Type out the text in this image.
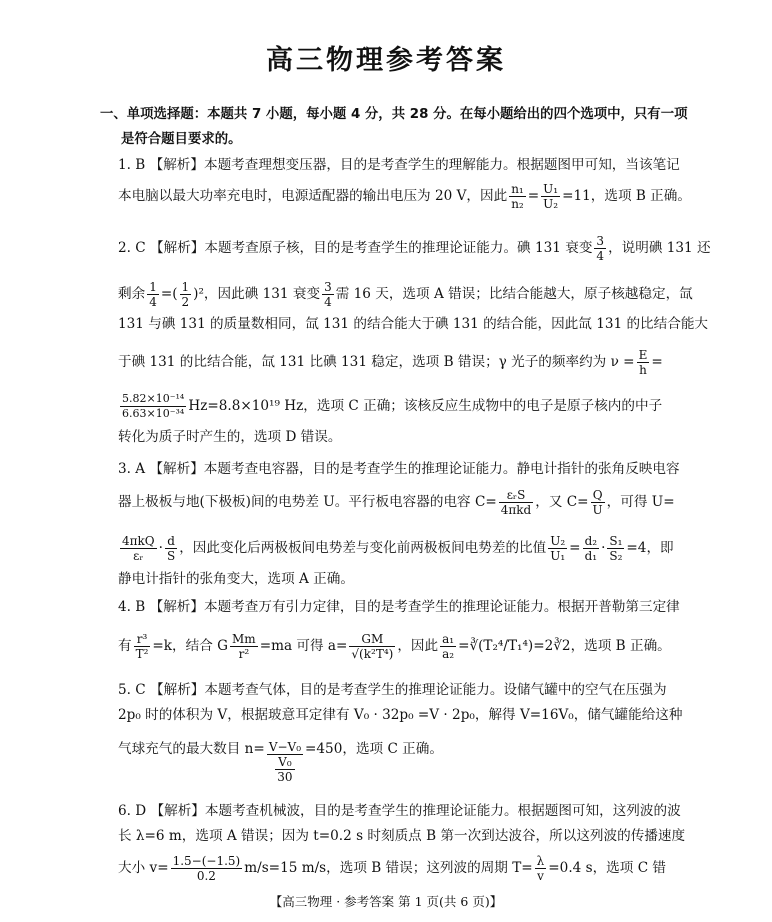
高三物理参考答案
一、单项选择题：本题共 7 小题，每小题 4 分，共 28 分。在每小题给出的四个选项中，只有一项
是符合题目要求的。
1. B 【解析】本题考查理想变压器，目的是考查学生的理解能力。根据题图甲可知，当该笔记
本电脑以最大功率充电时，电源适配器的输出电压为 20 V，因此 $\frac{\text{n₁}}{\text{n₂}} = \frac{\text{U₁}}{\text{U₂}} =11$，选项 B 正确。
2. C 【解析】本题考查原子核，目的是考查学生的推理论证能力。碘 131 衰变 $\frac{3}{4}$ ，说明碘 131 还
剩余 $\frac{1}{4}$ =( $\frac{1}{2} )^2$，因此碘 131 衰变 $\frac{3}{4}$ 需 16 天，选项 A 错误；比结合能越大，原子核越稳定，氙
131 与碘 131 的质量数相同，氙 131 的结合能大于碘 131 的结合能，因此氙 131 的比结合能大
于碘 131 的比结合能，氙 131 比碘 131 稳定，选项 B 错误；γ 光子的频率约为 $\nu = \frac{E}{h}$ =
$\frac{\text{5.82×10⁻¹⁴}}{\text{6.63×10⁻³⁴}} Hz=8.8\times 10^{19}$ Hz，选项 C 正确；该核反应生成物中的电子是原子核内的中子
转化为质子时产生的，选项 D 错误。
3. A 【解析】本题考查电容器，目的是考查学生的推理论证能力。静电计指针的张角反映电容
器上极板与地(下极板)间的电势差 U。平行板电容器的电容 $C= \frac{\text{εᵣS}}{\text{4πkd}}$ ，又 $C= \frac{Q}{U}$ ，可得 U=
$\frac{\text{4πkQ}}{\text{εᵣ}} \cdot \frac{d}{S}$ ，因此变化后两极板间电势差与变化前两极板间电势差的比值 $\frac{\text{U₂}}{\text{U₁}} = \frac{\text{d₂}}{\text{d₁}} \cdot \frac{\text{S₁}}{\text{S₂}} =4$，即
静电计指针的张角变大，选项 A 正确。
4. B 【解析】本题考查万有引力定律，目的是考查学生的推理论证能力。根据开普勒第三定律
有 $\frac{\text{r³}}{\text{T²}} =k$，结合 G $\frac{Mm}{\text{r²}} =ma$ 可得 $a= \frac{GM}{\text{√(k²T⁴)}}$ ，因此 $\frac{\text{a₁}}{\text{a₂}}$ =∛(T₂⁴/T₁⁴)=2∛2，选项 B 正确。
5. C 【解析】本题考查气体，目的是考查学生的推理论证能力。设储气罐中的空气在压强为
2p₀ 时的体积为 V，根据玻意耳定律有 V₀ · 32p₀ =V · 2p₀，解得 V=16V₀，储气罐能给这种
气球充气的最大数目 $n= \frac{\text{V−V₀}}{\frac{\text{V₀}}{30}} =450$，选项 C 正确。
6. D 【解析】本题考查机械波，目的是考查学生的推理论证能力。根据题图可知，这列波的波
长 λ=6 m，选项 A 错误；因为 t=0.2 s 时刻质点 B 第一次到达波谷，所以这列波的传播速度
大小 $v= \frac{1.5-(-1.5)}{0.2} m/s=15$ m/s，选项 B 错误；这列波的周期 $T= \frac{\lambda}{v} =0.4$ s，选项 C 错
【高三物理 · 参考答案 第 1 页(共 6 页)】
